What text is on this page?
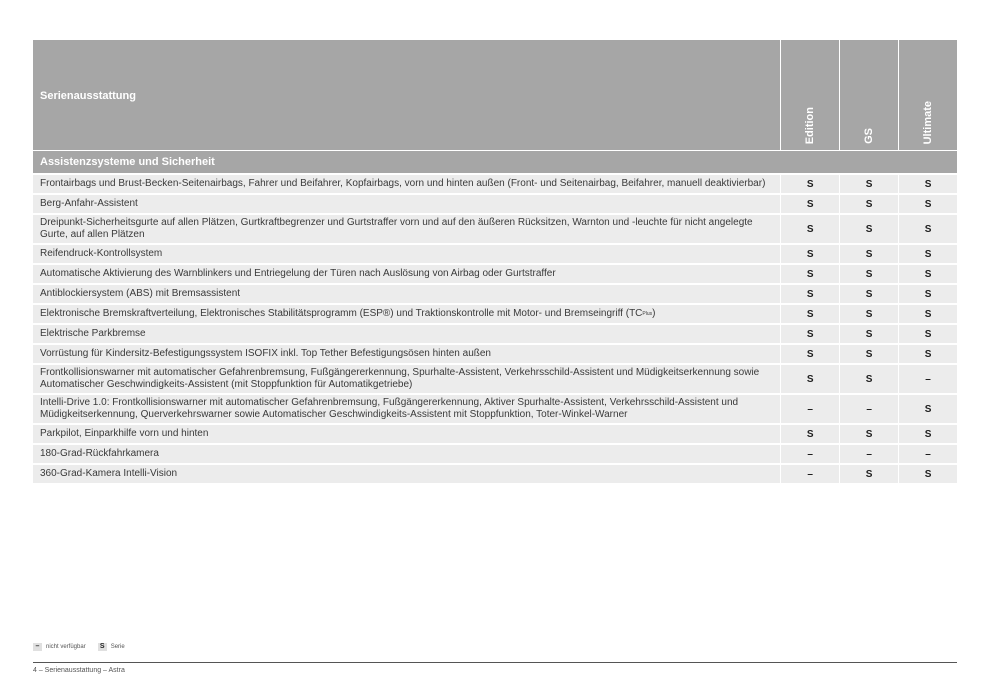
Serienausstattung
Edition	GS	Ultimate
Assistenzsysteme und Sicherheit
Frontairbags und Brust-Becken-Seitenairbags, Fahrer und Beifahrer, Kopfairbags, vorn und hinten außen (Front- und Seitenairbag, Beifahrer, manuell deaktivierbar)	S	S	S
Berg-Anfahr-Assistent	S	S	S
Dreipunkt-Sicherheitsgurte auf allen Plätzen, Gurtkraftbegrenzer und Gurtstraffer vorn und auf den äußeren Rücksitzen, Warnton und -leuchte für nicht angelegte Gurte, auf allen Plätzen	S	S	S
Reifendruck-Kontrollsystem	S	S	S
Automatische Aktivierung des Warnblinkers und Entriegelung der Türen nach Auslösung von Airbag oder Gurtstraffer	S	S	S
Antiblockiersystem (ABS) mit Bremsassistent	S	S	S
Elektronische Bremskraftverteilung, Elektronisches Stabilitätsprogramm (ESP®) und Traktionskontrolle mit Motor- und Bremseingriff (TC Plus )	S	S	S
Elektrische Parkbremse	S	S	S
Vorrüstung für Kindersitz-Befestigungssystem ISOFIX inkl. Top Tether Befestigungsösen hinten außen	S	S	S
Frontkollisionswarner mit automatischer Gefahrenbremsung, Fußgängererkennung, Spurhalte-Assistent, Verkehrsschild-Assistent und Müdigkeitserkennung sowie Automatischer Geschwindigkeits-Assistent (mit Stoppfunktion für Automatikgetriebe)	S	S	–
Intelli-Drive 1.0: Frontkollisionswarner mit automatischer Gefahrenbremsung, Fußgängererkennung, Aktiver Spurhalte-Assistent, Verkehrsschild-Assistent und Müdigkeitserkennung, Querverkehrswarner sowie Automatischer Geschwindigkeits-Assistent mit Stoppfunktion, Toter-Winkel-Warner	–	–	S
Parkpilot, Einparkhilfe vorn und hinten	S	S	S
180-Grad-Rückfahrkamera	–	–	–
360-Grad-Kamera Intelli-Vision	–	S	S
–	nicht verfügbar	S	Serie
4 – Serienausstattung – Astra
